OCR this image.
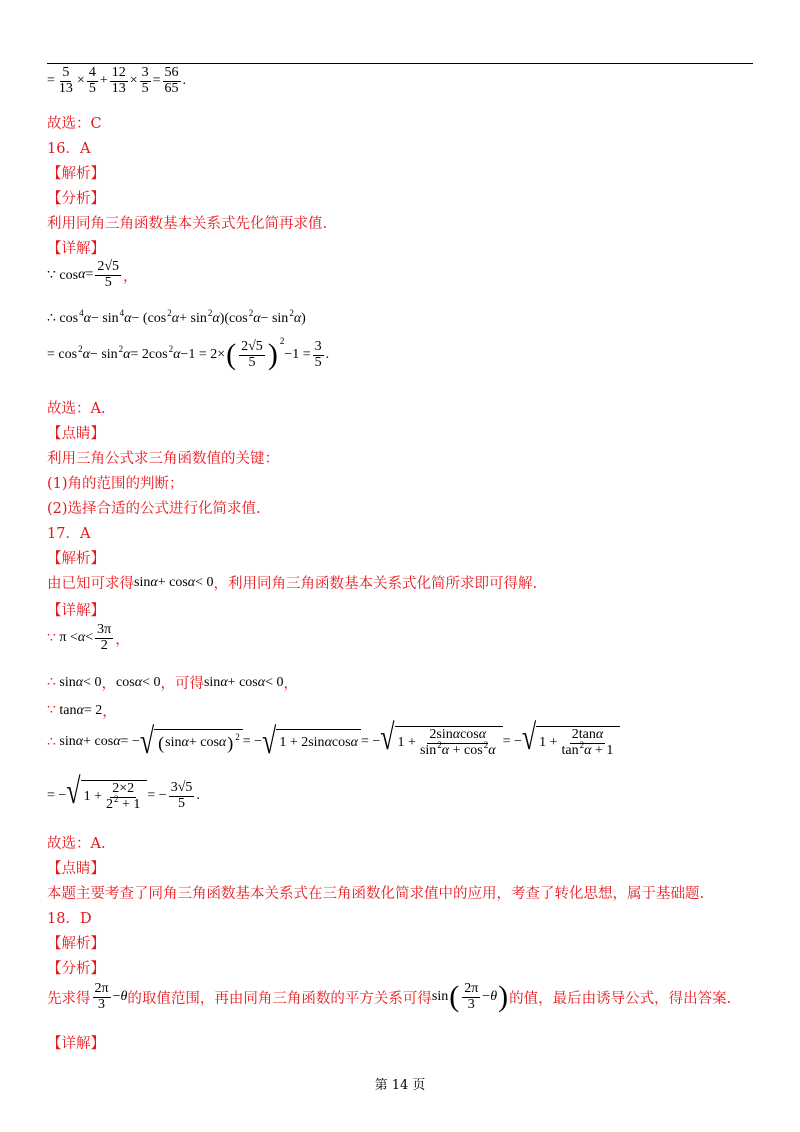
= $\frac{5}{13} \times \frac{4}{5} + \frac{12}{13} \times \frac{3}{5} = \frac{56}{65}$ .
故选：C
16．A
【解析】
【分析】
利用同角三角函数基本关系式先化简再求值.
【详解】
∵ $\cos \alpha = \frac{2√5}{5}$ ，
∴ cos 4 α − sin 4 α − (cos 2 α + sin 2 α )(cos 2 α − sin 2 α )
= cos 2 α − sin 2 α = 2cos 2 α −1 = 2× ( $\frac{2√5}{5}$ ) 2
$-1 = \frac{3}{5}$ .
故选：A.
【点睛】
利用三角公式求三角函数值的关键：
(1)角的范围的判断；
(2)选择合适的公式进行化简求值.
17．A
【解析】
由已知可求得 sin α + cos α < 0 ，利用同角三角函数基本关系式化简所求即可得解.
【详解】
∵ $\pi < \alpha < \frac{3\pi}{2}$ ，
∴ sin α < 0 ， cos α < 0 ，可得 sin α + cos α < 0 ，
∵ tan α = 2 ，
∴ sin α + cos α = − √ ( sin α + cos α ) 2 = − √ 1 + 2sin α cos α = − √ $1 + \frac{2\sin\alpha\cos\alpha}{\sin^2\alpha + \cos^2\alpha}$ = − √ $1 + \frac{2\tan\alpha}{\tan^2\alpha + 1}$
= − √ $1 + \frac{2\times 2}{2^2 + 1}$ = − $\frac{3√5}{5}$ .
故选：A.
【点睛】
本题主要考查了同角三角函数基本关系式在三角函数化简求值中的应用，考查了转化思想，属于基础题.
18．D
【解析】
【分析】
先求得 $\frac{2\pi}{3} - \theta$ 的取值范围，再由同角三角函数的平方关系可得 sin ( $\frac{2\pi}{3} - \theta$ ) 的值，最后由诱导公式，得出答案.
【详解】
第 14 页
